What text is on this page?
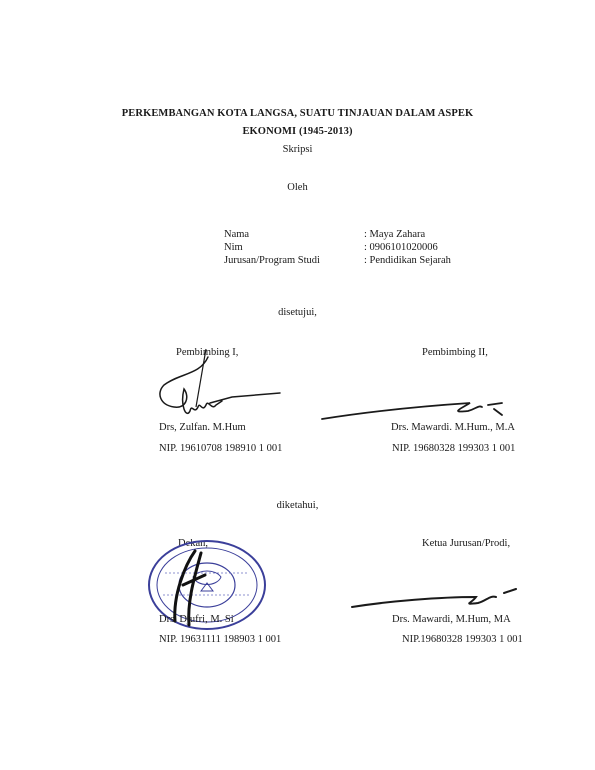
PERKEMBANGAN KOTA LANGSA, SUATU TINJAUAN DALAM ASPEK
EKONOMI (1945-2013)
Skripsi
Oleh
Nama	: Maya Zahara
Nim	: 0906101020006
Jurusan/Program Studi	: Pendidikan Sejarah
disetujui,
Pembimbing I,	Pembimbing II,
Drs, Zulfan. M.Hum	Drs. Mawardi. M.Hum., M.A
NIP. 19610708 198910 1 001	NIP. 19680328 199303 1 001
diketahui,
Dekan,	Ketua Jurusan/Prodi,
Drs. Djufri, M. Si	Drs. Mawardi, M.Hum, MA
NIP. 19631111 198903 1 001	NIP.19680328 199303 1 001
